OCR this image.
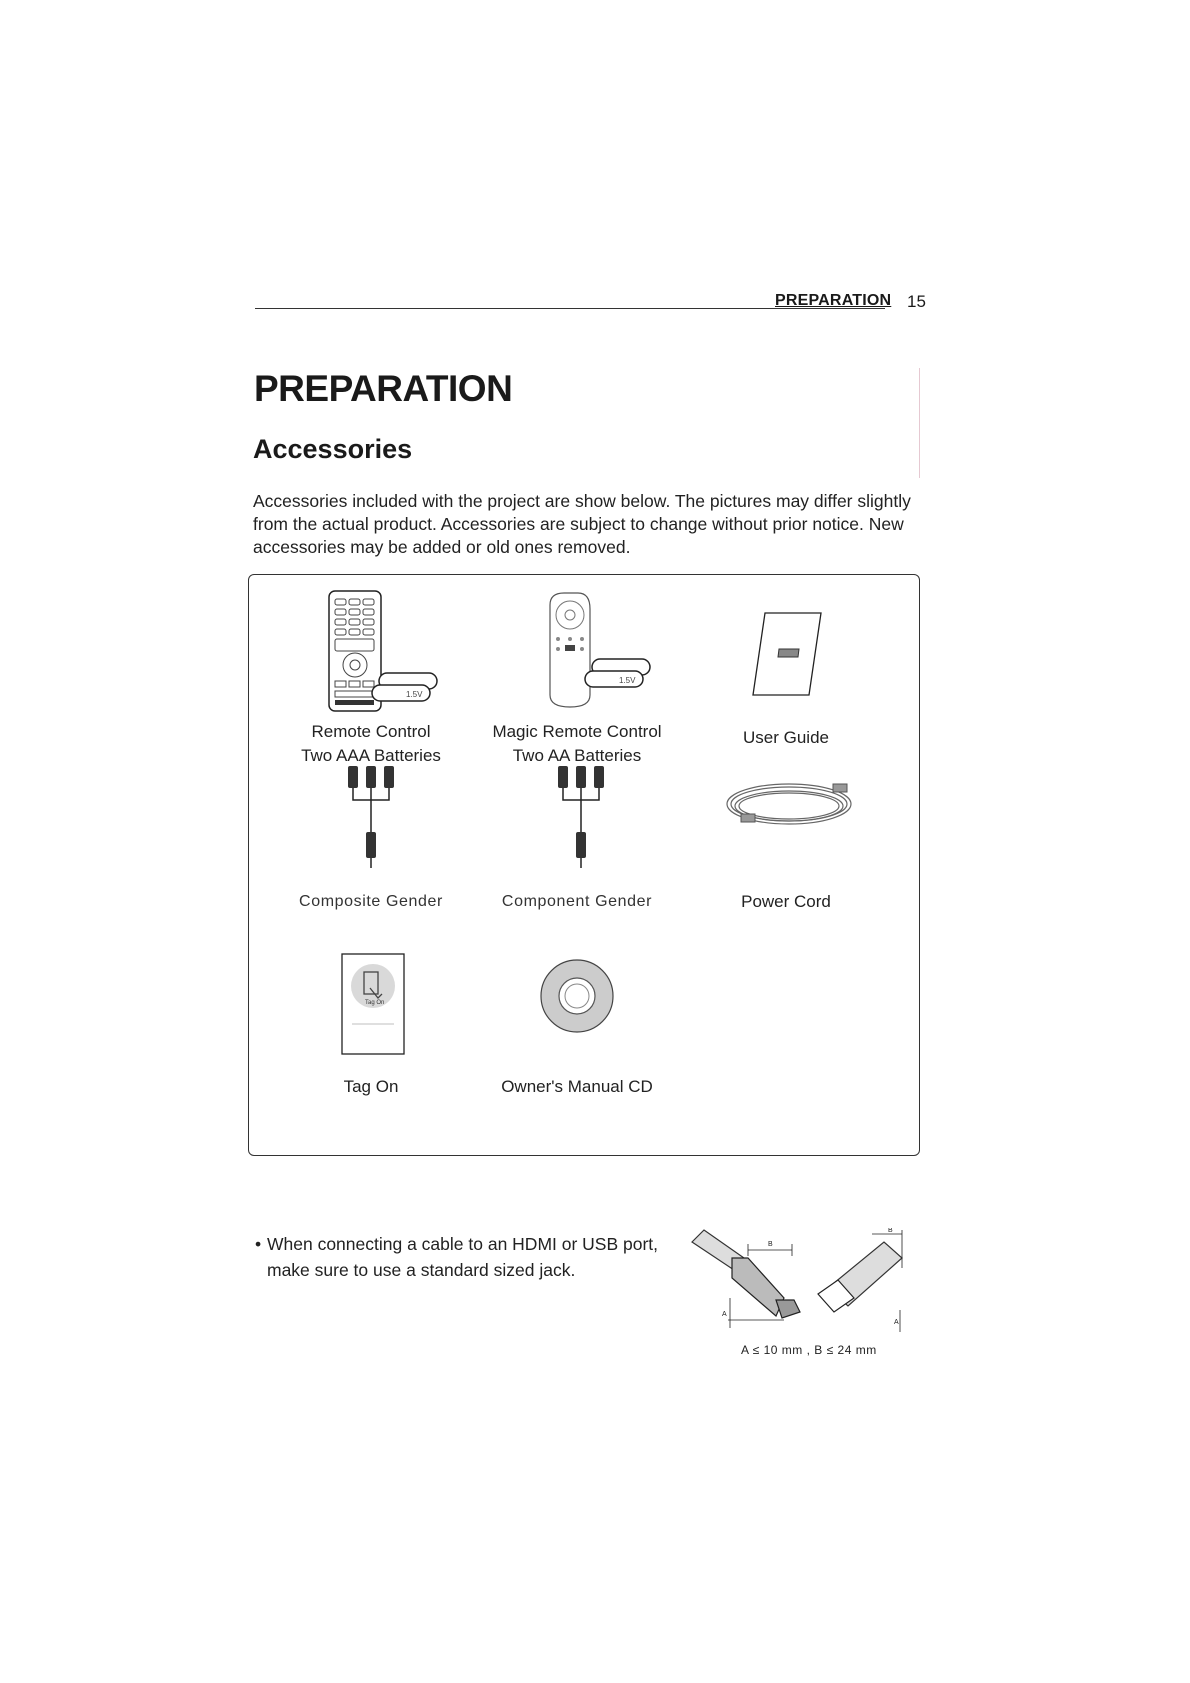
PREPARATION 15
PREPARATION
Accessories
Accessories included with the project are show below. The pictures may differ slightly from the actual product. Accessories are subject to change without prior notice. New accessories may be added or old ones removed.
1.5V
Remote Control
Two AAA Batteries
1.5V
Magic Remote Control
Two AA Batteries
User Guide
Composite Gender	Component Gender	Power Cord
Tag On
Tag On	Owner's Manual CD
• When connecting a cable to an HDMI or USB port, make sure to use a standard sized jack.
B
A
B
A
A ≤ 10 mm , B ≤ 24 mm
